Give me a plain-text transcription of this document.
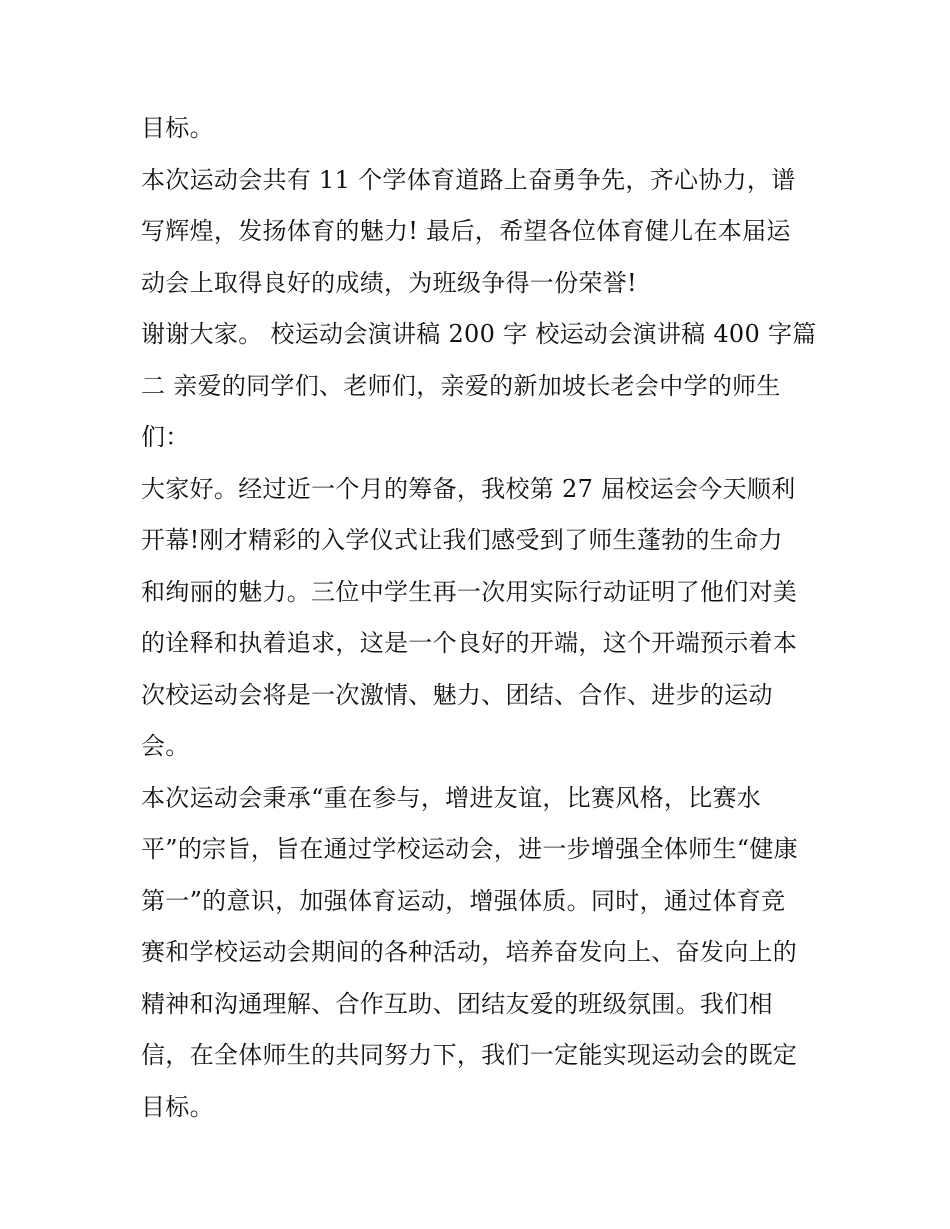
目标。
本次运动会共有 11 个学体育道路上奋勇争先，齐心协力，谱
写辉煌，发扬体育的魅力! 最后，希望各位体育健儿在本届运
动会上取得良好的成绩，为班级争得一份荣誉!
谢谢大家。 校运动会演讲稿 200 字 校运动会演讲稿 400 字篇
二 亲爱的同学们、老师们，亲爱的新加坡长老会中学的师生
们：
大家好。经过近一个月的筹备，我校第 27 届校运会今天顺利
开幕!刚才精彩的入学仪式让我们感受到了师生蓬勃的生命力
和绚丽的魅力。三位中学生再一次用实际行动证明了他们对美
的诠释和执着追求，这是一个良好的开端，这个开端预示着本
次校运动会将是一次激情、魅力、团结、合作、进步的运动
会。
本次运动会秉承“重在参与，增进友谊，比赛风格，比赛水
平”的宗旨，旨在通过学校运动会，进一步增强全体师生“健康
第一”的意识，加强体育运动，增强体质。同时，通过体育竞
赛和学校运动会期间的各种活动，培养奋发向上、奋发向上的
精神和沟通理解、合作互助、团结友爱的班级氛围。我们相
信，在全体师生的共同努力下，我们一定能实现运动会的既定
目标。
